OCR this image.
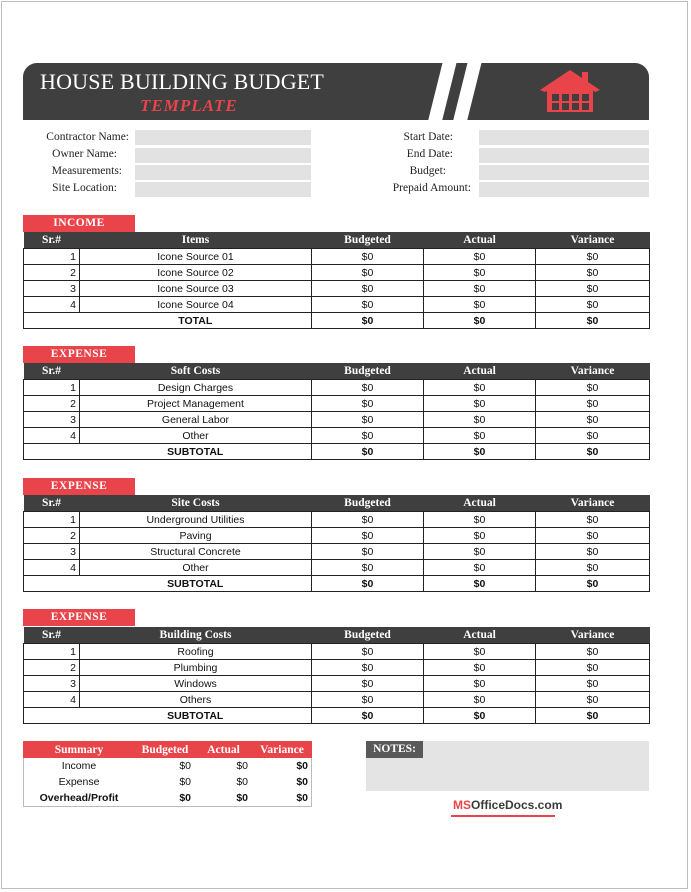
HOUSE BUILDING BUDGET
TEMPLATE
Contractor Name:
Owner Name:
Measurements:
Site Location:
Start Date:
End Date:
Budget:
Prepaid Amount:
INCOME
Sr.#	Items	Budgeted	Actual	Variance
1	Icone Source 01	$0	$0	$0
2	Icone Source 02	$0	$0	$0
3	Icone Source 03	$0	$0	$0
4	Icone Source 04	$0	$0	$0
	TOTAL	$0	$0	$0
EXPENSE
Sr.#	Soft Costs	Budgeted	Actual	Variance
1	Design Charges	$0	$0	$0
2	Project Management	$0	$0	$0
3	General Labor	$0	$0	$0
4	Other	$0	$0	$0
	SUBTOTAL	$0	$0	$0
EXPENSE
Sr.#	Site Costs	Budgeted	Actual	Variance
1	Underground Utilities	$0	$0	$0
2	Paving	$0	$0	$0
3	Structural Concrete	$0	$0	$0
4	Other	$0	$0	$0
	SUBTOTAL	$0	$0	$0
EXPENSE
Sr.#	Building Costs	Budgeted	Actual	Variance
1	Roofing	$0	$0	$0
2	Plumbing	$0	$0	$0
3	Windows	$0	$0	$0
4	Others	$0	$0	$0
	SUBTOTAL	$0	$0	$0
Summary	Budgeted	Actual	Variance
Income	$0	$0	$0
Expense	$0	$0	$0
Overhead/Profit	$0	$0	$0
NOTES:
MSOfficeDocs.com
